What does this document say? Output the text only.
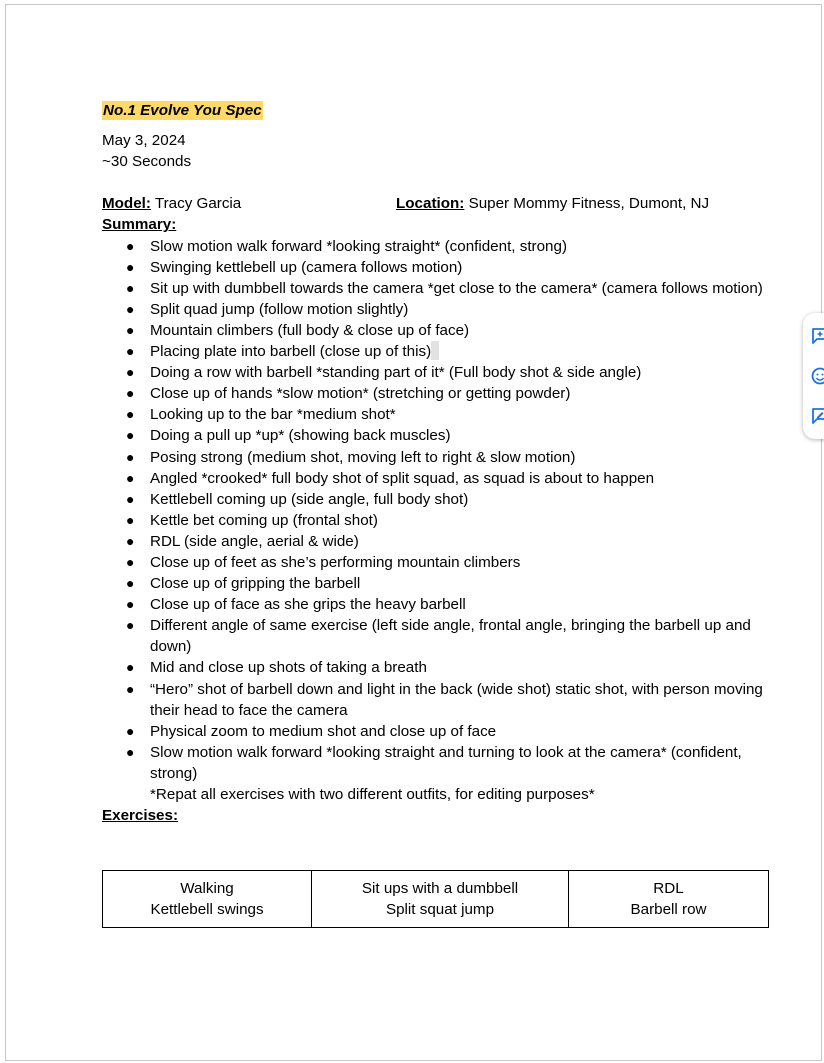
No.1 Evolve You Spec
May 3, 2024
~30 Seconds
Model: Tracy Garcia	Location: Super Mommy Fitness, Dumont, NJ
Summary:
● Slow motion walk forward *looking straight* (confident, strong)
● Swinging kettlebell up (camera follows motion)
● Sit up with dumbbell towards the camera *get close to the camera* (camera follows motion)
● Split quad jump (follow motion slightly)
● Mountain climbers (full body & close up of face)
● Placing plate into barbell (close up of this)
● Doing a row with barbell *standing part of it* (Full body shot & side angle)
● Close up of hands *slow motion* (stretching or getting powder)
● Looking up to the bar *medium shot*
● Doing a pull up *up* (showing back muscles)
● Posing strong (medium shot, moving left to right & slow motion)
● Angled *crooked* full body shot of split squad, as squad is about to happen
● Kettlebell coming up (side angle, full body shot)
● Kettle bet coming up (frontal shot)
● RDL (side angle, aerial & wide)
● Close up of feet as she’s performing mountain climbers
● Close up of gripping the barbell
● Close up of face as she grips the heavy barbell
● Different angle of same exercise (left side angle, frontal angle, bringing the barbell up and down)
● Mid and close up shots of taking a breath
● “Hero” shot of barbell down and light in the back (wide shot) static shot, with person moving their head to face the camera
● Physical zoom to medium shot and close up of face
● Slow motion walk forward *looking straight and turning to look at the camera* (confident, strong)
*Repat all exercises with two different outfits, for editing purposes*
Exercises:
Walking
Kettlebell swings

Sit ups with a dumbbell
Split squat jump

RDL
Barbell row
